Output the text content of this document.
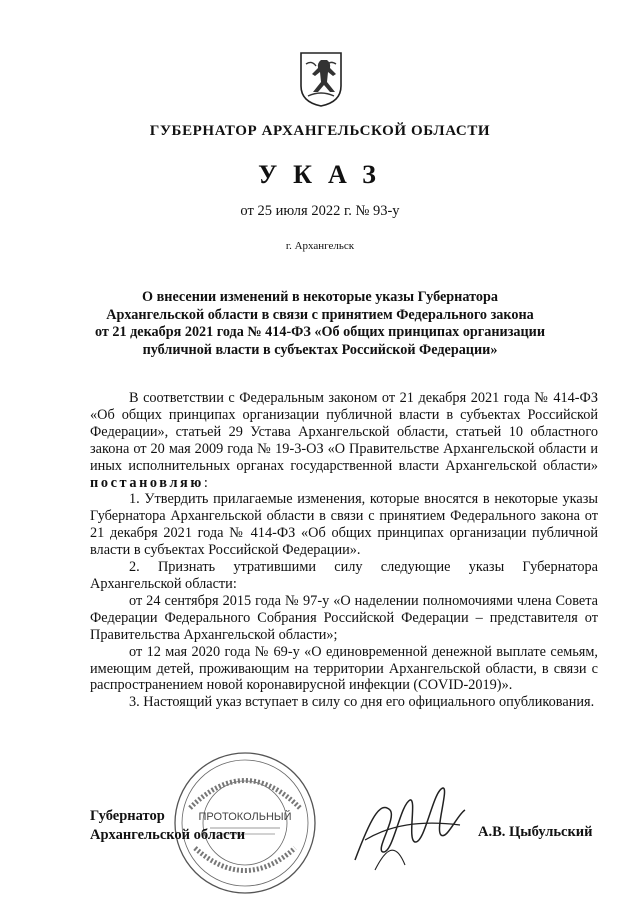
ГУБЕРНАТОР АРХАНГЕЛЬСКОЙ ОБЛАСТИ
УКАЗ
от 25 июля 2022 г. № 93-у
г. Архангельск
О внесении изменений в некоторые указы Губернатора
Архангельской области в связи с принятием Федерального закона
от 21 декабря 2021 года № 414-ФЗ «Об общих принципах организации
публичной власти в субъектах Российской Федерации»

В соответствии с Федеральным законом от 21 декабря 2021 года № 414-ФЗ «Об общих принципах организации публичной власти в субъектах Российской Федерации», статьей 29 Устава Архангельской области, статьей 10 областного закона от 20 мая 2009 года № 19-3-ОЗ «О Правительстве Архангельской области и иных исполнительных органах государственной власти Архангельской области» постановляю:

1. Утвердить прилагаемые изменения, которые вносятся в некоторые указы Губернатора Архангельской области в связи с принятием Федерального закона от 21 декабря 2021 года № 414-ФЗ «Об общих принципах организации публичной власти в субъектах Российской Федерации».

2. Признать утратившими силу следующие указы Губернатора Архангельской области:

от 24 сентября 2015 года № 97-у «О наделении полномочиями члена Совета Федерации Федерального Собрания Российской Федерации – представителя от Правительства Архангельской области»;

от 12 мая 2020 года № 69-у «О единовременной денежной выплате семьям, имеющим детей, проживающим на территории Архангельской области, в связи с распространением новой коронавирусной инфекции (COVID-2019)».

3. Настоящий указ вступает в силу со дня его официального опубликования.

ПРОТОКОЛЬНЫЙ
Губернатор
Архангельской области	А.В. Цыбульский
